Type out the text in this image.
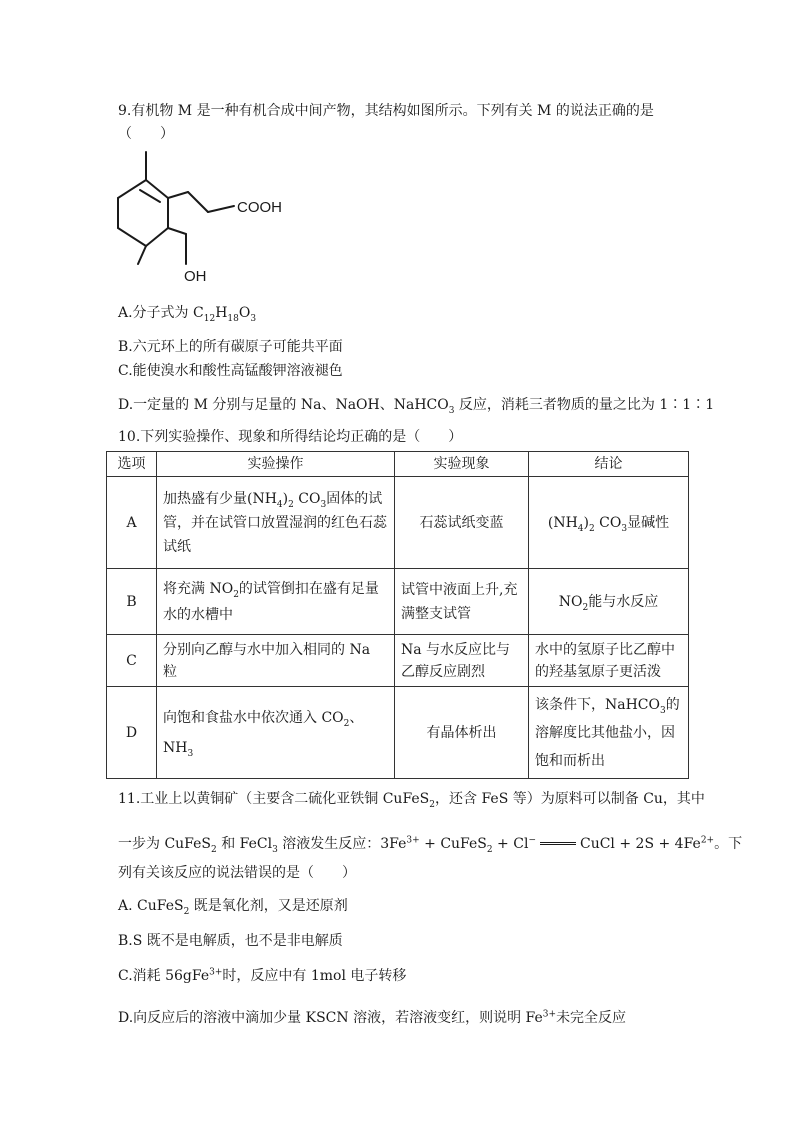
9.有机物 M 是一种有机合成中间产物，其结构如图所示。下列有关 M 的说法正确的是
（　　）
COOH
OH
A.分子式为 $C_{12}H_{18}O_3$
B.六元环上的所有碳原子可能共平面
C.能使溴水和酸性高锰酸钾溶液褪色
D.一定量的 M 分别与足量的 Na、NaOH、NaHCO$_3$ 反应，消耗三者物质的量之比为 1∶1∶1
10.下列实验操作、现象和所得结论均正确的是（　　）
选项	实验操作	实验现象	结论
A	加热盛有少量$(NH_4)_2$ $CO_3$固体的试管，并在试管口放置湿润的红色石蕊试纸	石蕊试纸变蓝	$(NH_4)_2$ $CO_3$显碱性
B	将充满 $NO_2$的试管倒扣在盛有足量水的水槽中	试管中液面上升,充满整支试管	$NO_2$能与水反应
C	分别向乙醇与水中加入相同的 Na 粒	Na 与水反应比与乙醇反应剧烈	水中的氢原子比乙醇中的羟基氢原子更活泼
D	向饱和食盐水中依次通入 $CO_2$、$NH_3$	有晶体析出	该条件下，NaHCO$_3$的溶解度比其他盐小，因饱和而析出
11.工业上以黄铜矿（主要含二硫化亚铁铜 CuFeS$_2$，还含 FeS 等）为原料可以制备 Cu，其中
一步为 CuFeS$_2$ 和 FeCl$_3$ 溶液发生反应：$3Fe^{3+}$ + CuFeS$_2$ + Cl−	CuCl + $2S + 4Fe^{2+}$。下
列有关该反应的说法错误的是（　　）
A. CuFeS$_2$ 既是氧化剂，又是还原剂
B.S 既不是电解质，也不是非电解质
C.消耗 56gFe$^{3+}$时，反应中有 1mol 电子转移
D.向反应后的溶液中滴加少量 KSCN 溶液，若溶液变红，则说明 $Fe^{3+}$未完全反应
